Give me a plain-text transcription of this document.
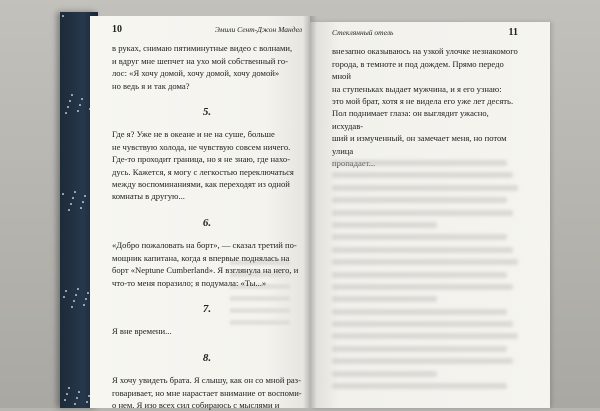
10	Эмили Сент-Джон Мандел

в руках, снимаю пятиминутные видео с волнами,

и вдруг мне шепчет на ухо мой собственный го-

лос: «Я хочу домой, хочу домой, хочу домой»

но ведь я и так дома?

5.

Где я? Уже не в океане и не на суше, больше

не чувствую холода, не чувствую совсем ничего.

Где-то проходит граница, но я не знаю, где нахо-

дусь. Кажется, я могу с легкостью переключаться

между воспоминаниями, как переходят из одной

комнаты в другую...

6.

«Добро пожаловать на борт», — сказал третий по-

мощник капитана, когда я впервые поднялась на

борт «Neptune Cumberland». Я взглянула на него, и

что-то меня поразило; я подумала: «Ты...»

7.

Я вне времени...

8.

Я хочу увидеть брата. Я слышу, как он со мной раз-

говаривает, но мне нарастает внимание от воспоми-

о нем. Я изо всех сил собираюсь с мыслями и

Стеклянный отель	11

внезапно оказываюсь на узкой улочке незнакомого

города, в темноте и под дождем. Прямо передо мной

на ступеньках выдает мужчина, и я его узнаю:

это мой брат, хотя я не видела его уже лет десять.

Пол поднимает глаза: он выглядит ужасно, исхудав-

ший и измученный, он замечает меня, но потом улица
